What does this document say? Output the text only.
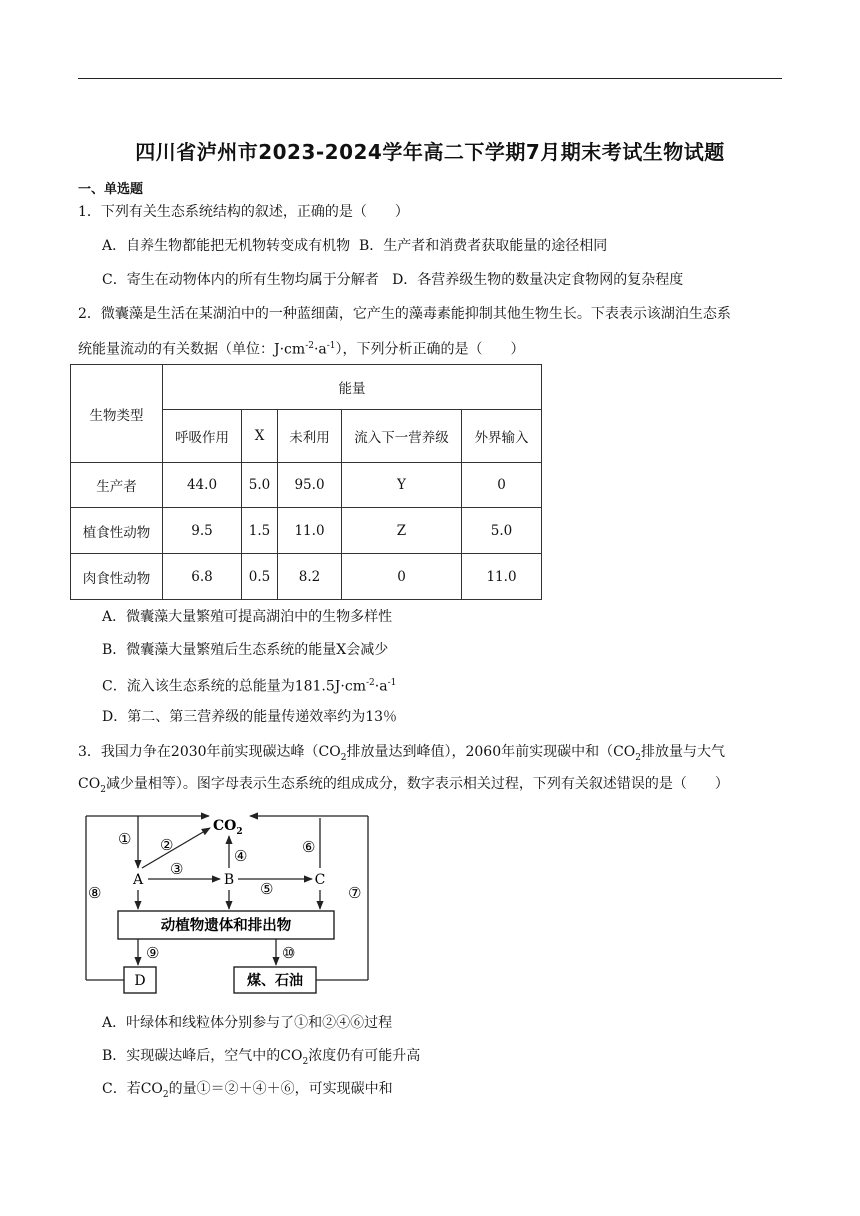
四川省泸州市2023-2024学年高二下学期7月期末考试生物试题
一、单选题
1．下列有关生态系统结构的叙述，正确的是（　　）
A．自养生物都能把无机物转变成有机物 B．生产者和消费者获取能量的途径相同
C．寄生在动物体内的所有生物均属于分解者 D．各营养级生物的数量决定食物网的复杂程度
2．微囊藻是生活在某湖泊中的一种蓝细菌，它产生的藻毒素能抑制其他生物生长。下表表示该湖泊生态系
统能量流动的有关数据（单位：$J\cdot cm^{-2}\cdot a^{-1}$），下列分析正确的是（　　）
生物类型	能量				
	呼吸作用	X	未利用	流入下一营养级	外界输入
生产者	44.0	5.0	95.0	Y	0
植食性动物	9.5	1.5	11.0	Z	5.0
肉食性动物	6.8	0.5	8.2	0	11.0
A．微囊藻大量繁殖可提高湖泊中的生物多样性
B．微囊藻大量繁殖后生态系统的能量X会减少
C．流入该生态系统的总能量为$181.5J\cdot cm^{-2}\cdot a^{-1}$
D．第二、第三营养级的能量传递效率约为13％
3．我国力争在2030年前实现碳达峰（$CO_2$排放量达到峰值），2060年前实现碳中和（$CO_2$排放量与大气
$CO_2$减少量相等）。图字母表示生态系统的组成成分，数字表示相关过程，下列有关叙述错误的是（　　）
$CO_2$
动植物遗体和排出物
D	煤、石油
A	B	C
① ②
③
④
⑤
⑥
⑦
⑧
⑨	⑩
A．叶绿体和线粒体分别参与了①和②④⑥过程
B．实现碳达峰后，空气中的$CO_2$浓度仍有可能升高
C．若$CO_2$的量①＝②＋④＋⑥，可实现碳中和
